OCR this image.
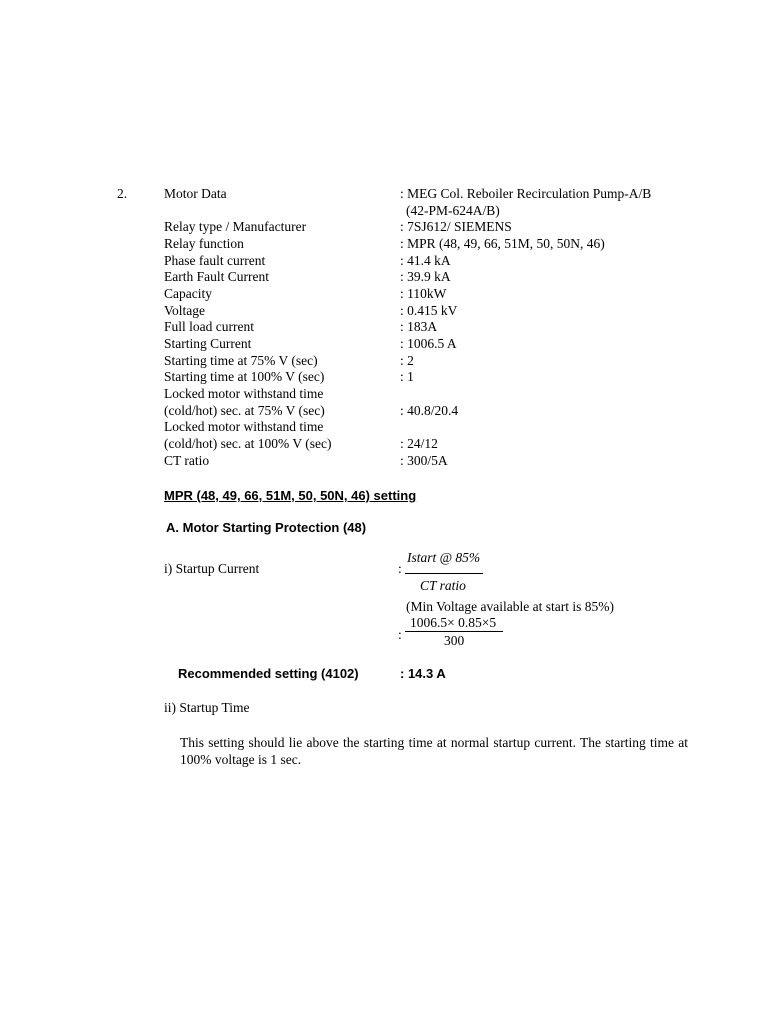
2.	Motor Data	: MEG Col. Reboiler Recirculation Pump-A/B
(42-PM-624A/B)
Relay type / Manufacturer	: 7SJ612/ SIEMENS
Relay function	: MPR (48, 49, 66, 51M, 50, 50N, 46)
Phase fault current	: 41.4 kA
Earth Fault Current	: 39.9 kA
Capacity	: 110kW
Voltage	: 0.415 kV
Full load current	: 183A
Starting Current	: 1006.5 A
Starting time at 75% V (sec)	: 2
Starting time at 100% V (sec)	: 1
Locked motor withstand time
(cold/hot) sec. at 75% V (sec)	: 40.8/20.4
Locked motor withstand time
(cold/hot) sec. at 100% V (sec)	: 24/12
CT ratio	: 300/5A
MPR (48, 49, 66, 51M, 50, 50N, 46) setting
A. Motor Starting Protection (48)
i) Startup Current	:
Istart @ 85%
CT ratio
(Min Voltage available at start is 85%)
:
1006.5× 0.85×5
300
Recommended setting (4102)	: 14.3 A
ii) Startup Time
This setting should lie above the starting time at normal startup current. The starting time at 100% voltage is 1 sec.
